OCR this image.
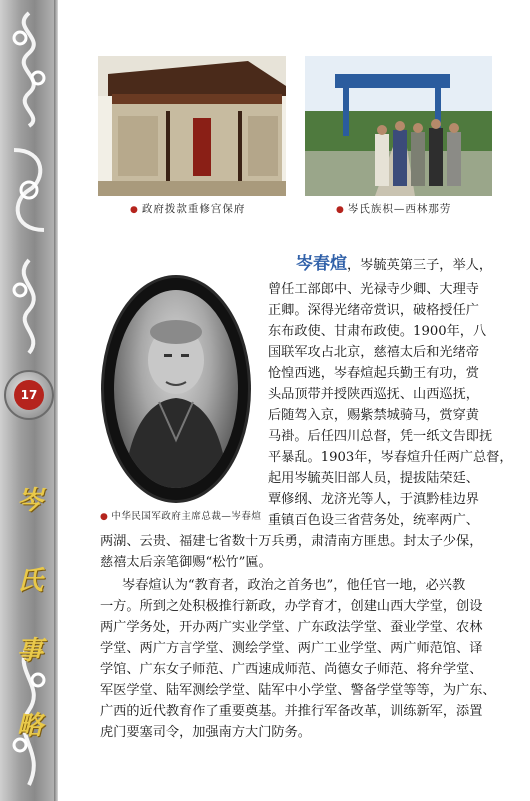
17
岑
氏
事
略
● 政府拨款重修宫保府	● 岑氏族枳—西林那劳
● 中华民国军政府主席总裁—岑春煊
岑春煊，岑毓英第三子，举人，
曾任工部郎中、光禄寺少卿、大理寺
正卿。深得光绪帝赏识，破格授任广
东布政使、甘肃布政使。1900年，八
国联军攻占北京，慈禧太后和光绪帝
怆惶西逃，岑春煊起兵勤王有功，赏
头品顶带并授陕西巡抚、山西巡抚，
后随驾入京，赐紫禁城骑马，赏穿黄
马褂。后任四川总督，凭一纸文告即抚
平暴乱。1903年，岑春煊升任两广总督，
起用岑毓英旧部人员，提拔陆荣廷、
覃修纲、龙济光等人，于滇黔桂边界
重镇百色设三省营务处，统率两广、
两湖、云贵、福建七省数十万兵勇，肃清南方匪患。封太子少保，
慈禧太后亲笔御赐“松竹”匾。
岑春煊认为“教育者，政治之首务也”，他任官一地，必兴教
一方。所到之处积极推行新政，办学育才，创建山西大学堂，创设
两广学务处，开办两广实业学堂、广东政法学堂、蚕业学堂、农林
学堂、两广方言学堂、测绘学堂、两广工业学堂、两广师范馆、译
学馆、广东女子师范、广西速成师范、尚德女子师范、将弁学堂、
军医学堂、陆军测绘学堂、陆军中小学堂、警备学堂等等，为广东、
广西的近代教育作了重要奠基。并推行军备改革，训练新军，添置
虎门要塞司令，加强南方大门防务。
